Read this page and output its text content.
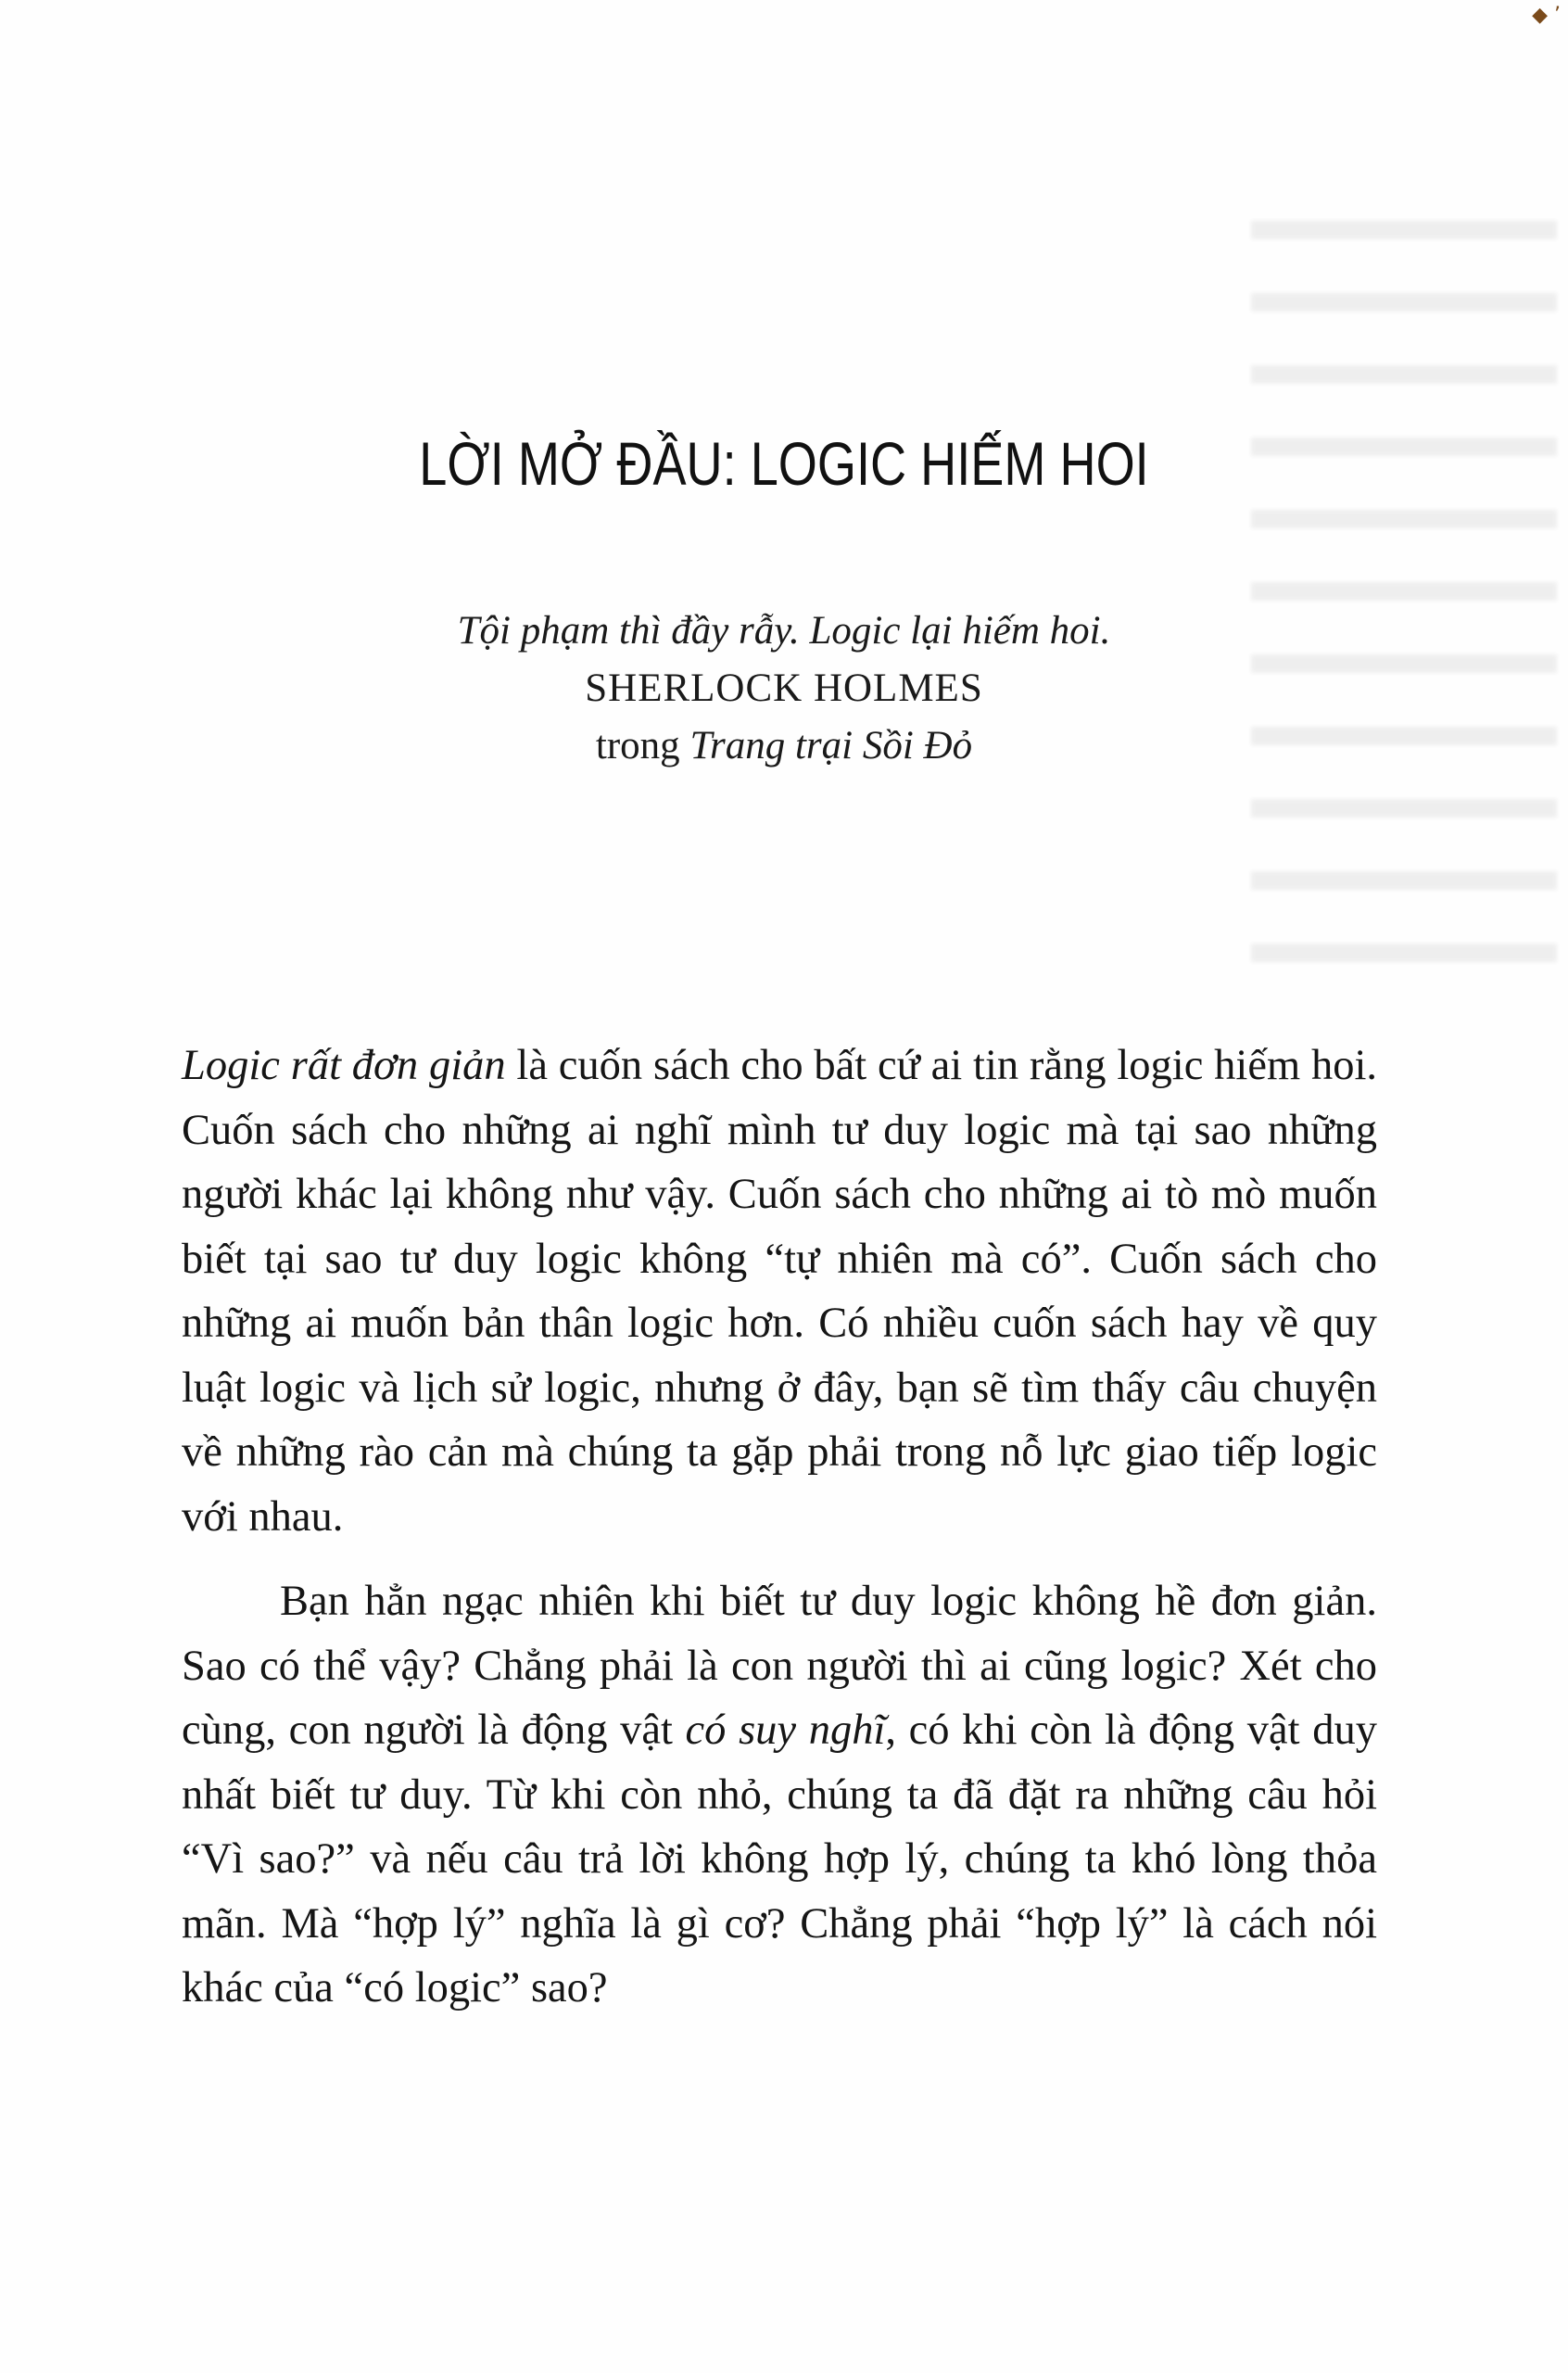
◆ ’
LỜI MỞ ĐẦU: LOGIC HIẾM HOI
Tội phạm thì đầy rẫy. Logic lại hiếm hoi.
SHERLOCK HOLMES
trong Trang trại Sồi Đỏ

Logic rất đơn giản là cuốn sách cho bất cứ ai tin rằng logic hiếm hoi. Cuốn sách cho những ai nghĩ mình tư duy logic mà tại sao những người khác lại không như vậy. Cuốn sách cho những ai tò mò muốn biết tại sao tư duy logic không “tự nhiên mà có”. Cuốn sách cho những ai muốn bản thân logic hơn. Có nhiều cuốn sách hay về quy luật logic và lịch sử logic, nhưng ở đây, bạn sẽ tìm thấy câu chuyện về những rào cản mà chúng ta gặp phải trong nỗ lực giao tiếp logic với nhau.

Bạn hẳn ngạc nhiên khi biết tư duy logic không hề đơn giản. Sao có thể vậy? Chẳng phải là con người thì ai cũng logic? Xét cho cùng, con người là động vật có suy nghĩ, có khi còn là động vật duy nhất biết tư duy. Từ khi còn nhỏ, chúng ta đã đặt ra những câu hỏi “Vì sao?” và nếu câu trả lời không hợp lý, chúng ta khó lòng thỏa mãn. Mà “hợp lý” nghĩa là gì cơ? Chẳng phải “hợp lý” là cách nói khác của “có logic” sao?
